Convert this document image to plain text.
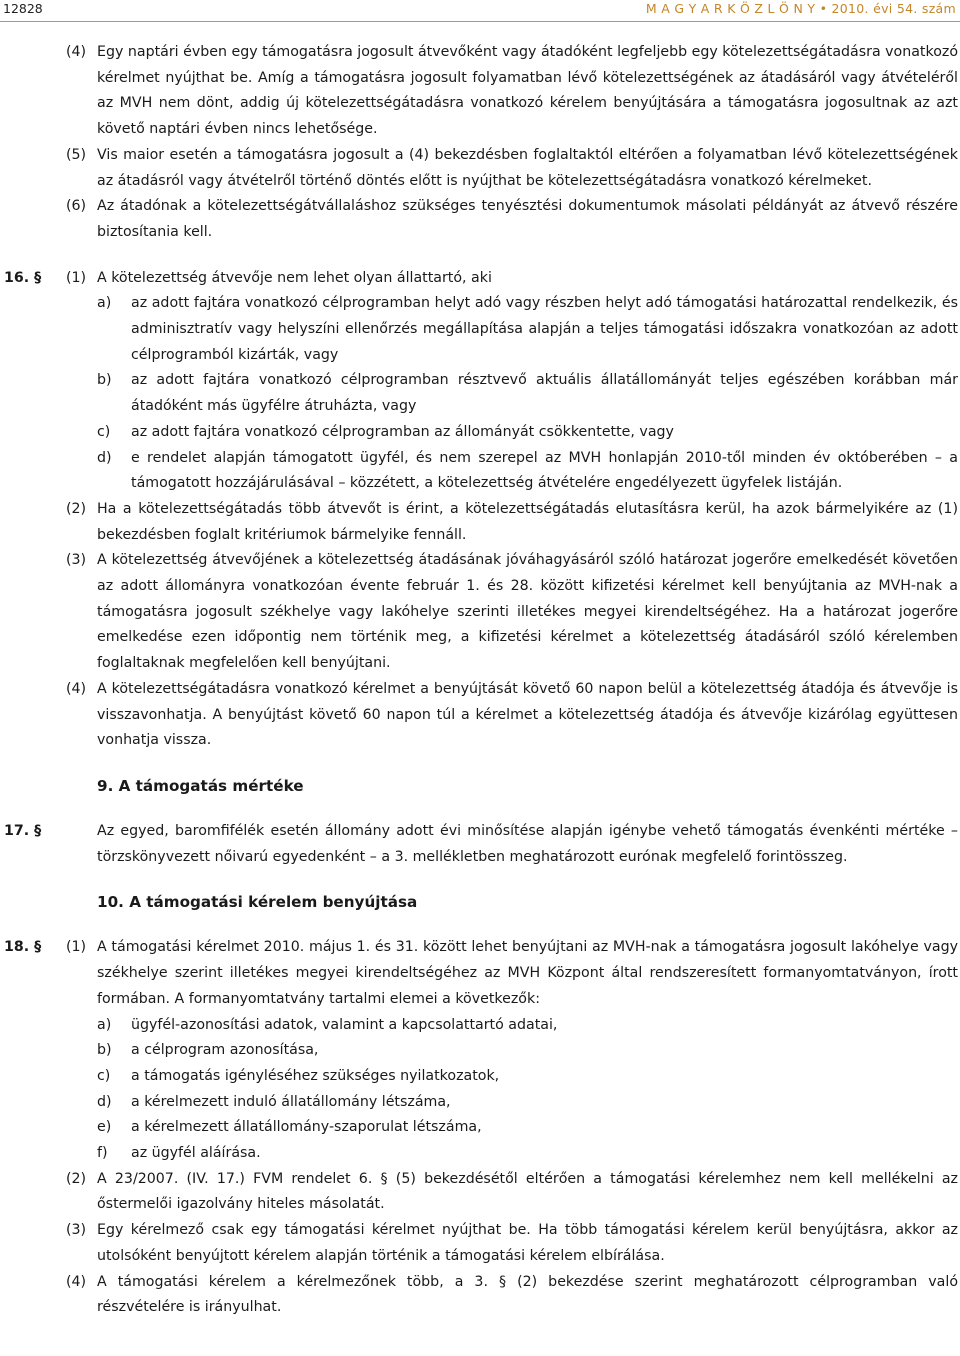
12828	M A G Y A R K Ö Z L Ö N Y • 2010. évi 54. szám

(4) Egy naptári évben egy támogatásra jogosult átvevőként vagy átadóként legfeljebb egy kötelezettségátadásra vonatkozó kérelmet nyújthat be. Amíg a támogatásra jogosult folyamatban lévő kötelezettségének az átadásáról vagy átvételéről az MVH nem dönt, addig új kötelezettségátadásra vonatkozó kérelem benyújtására a támogatásra jogosultnak az azt követő naptári évben nincs lehetősége.

(5) Vis maior esetén a támogatásra jogosult a (4) bekezdésben foglaltaktól eltérően a folyamatban lévő kötelezettségének az átadásról vagy átvételről történő döntés előtt is nyújthat be kötelezettségátadásra vonatkozó kérelmeket.

(6) Az átadónak a kötelezettségátvállaláshoz szükséges tenyésztési dokumentumok másolati példányát az átvevő részére biztosítania kell.

16. § (1) A kötelezettség átvevője nem lehet olyan állattartó, aki

a) az adott fajtára vonatkozó célprogramban helyt adó vagy részben helyt adó támogatási határozattal rendelkezik, és adminisztratív vagy helyszíni ellenőrzés megállapítása alapján a teljes támogatási időszakra vonatkozóan az adott célprogramból kizárták, vagy

b) az adott fajtára vonatkozó célprogramban résztvevő aktuális állatállományát teljes egészében korábban már átadóként más ügyfélre átruházta, vagy

c) az adott fajtára vonatkozó célprogramban az állományát csökkentette, vagy

d) e rendelet alapján támogatott ügyfél, és nem szerepel az MVH honlapján 2010-től minden év októberében – a támogatott hozzájárulásával – közzétett, a kötelezettség átvételére engedélyezett ügyfelek listáján.

(2) Ha a kötelezettségátadás több átvevőt is érint, a kötelezettségátadás elutasításra kerül, ha azok bármelyikére az (1) bekezdésben foglalt kritériumok bármelyike fennáll.

(3) A kötelezettség átvevőjének a kötelezettség átadásának jóváhagyásáról szóló határozat jogerőre emelkedését követően az adott állományra vonatkozóan évente február 1. és 28. között kifizetési kérelmet kell benyújtania az MVH-nak a támogatásra jogosult székhelye vagy lakóhelye szerinti illetékes megyei kirendeltségéhez. Ha a határozat jogerőre emelkedése ezen időpontig nem történik meg, a kifizetési kérelmet a kötelezettség átadásáról szóló kérelemben foglaltaknak megfelelően kell benyújtani.

(4) A kötelezettségátadásra vonatkozó kérelmet a benyújtását követő 60 napon belül a kötelezettség átadója és átvevője is visszavonhatja. A benyújtást követő 60 napon túl a kérelmet a kötelezettség átadója és átvevője kizárólag együttesen vonhatja vissza.

9. A támogatás mértéke

17. §	Az egyed, baromfifélék esetén állomány adott évi minősítése alapján igénybe vehető támogatás évenkénti mértéke – törzskönyvezett nőivarú egyedenként – a 3. mellékletben meghatározott eurónak megfelelő forintösszeg.

10. A támogatási kérelem benyújtása

18. § (1) A támogatási kérelmet 2010. május 1. és 31. között lehet benyújtani az MVH-nak a támogatásra jogosult lakóhelye vagy székhelye szerint illetékes megyei kirendeltségéhez az MVH Központ által rendszeresített formanyomtatványon, írott formában. A formanyomtatvány tartalmi elemei a következők:

a) ügyfél-azonosítási adatok, valamint a kapcsolattartó adatai,

b) a célprogram azonosítása,

c) a támogatás igényléséhez szükséges nyilatkozatok,

d) a kérelmezett induló állatállomány létszáma,

e) a kérelmezett állatállomány-szaporulat létszáma,

f) az ügyfél aláírása.

(2) A 23/2007. (IV. 17.) FVM rendelet 6. § (5) bekezdésétől eltérően a támogatási kérelemhez nem kell mellékelni az őstermelői igazolvány hiteles másolatát.

(3) Egy kérelmező csak egy támogatási kérelmet nyújthat be. Ha több támogatási kérelem kerül benyújtásra, akkor az utolsóként benyújtott kérelem alapján történik a támogatási kérelem elbírálása.

(4) A támogatási kérelem a kérelmezőnek több, a 3. § (2) bekezdése szerint meghatározott célprogramban való részvételére is irányulhat.
